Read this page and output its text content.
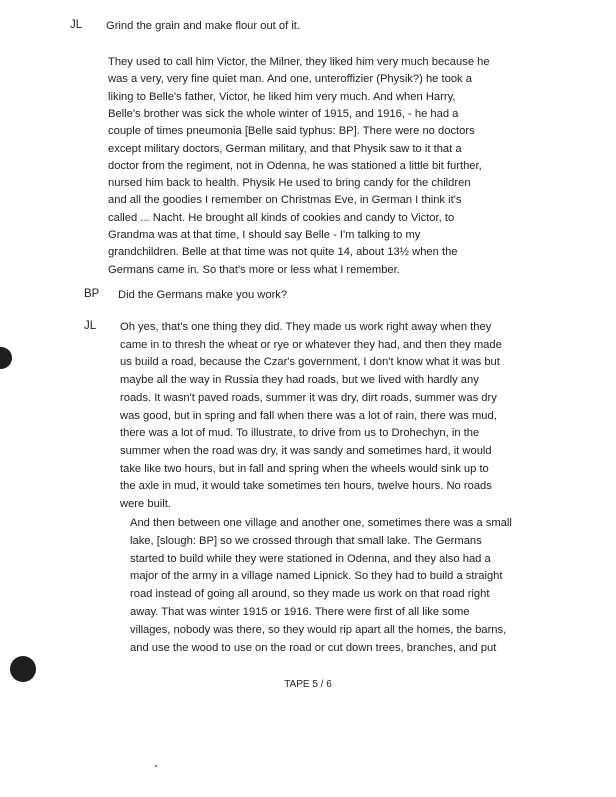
JL Grind the grain and make flour out of it.
They used to call him Victor, the Milner, they liked him very much because he
was a very, very fine quiet man. And one, unteroffizier (Physik?) he took a
liking to Belle's father, Victor, he liked him very much. And when Harry,
Belle's brother was sick the whole winter of 1915, and 1916, - he had a
couple of times pneumonia [Belle said typhus: BP]. There were no doctors
except military doctors, German military, and that Physik saw to it that a
doctor from the regiment, not in Odenna, he was stationed a little bit further,
nursed him back to health. Physik He used to bring candy for the children
and all the goodies I remember on Christmas Eve, in German I think it's
called ... Nacht. He brought all kinds of cookies and candy to Victor, to
Grandma was at that time, I should say Belle - I'm talking to my
grandchildren. Belle at that time was not quite 14, about 13½ when the
Germans came in. So that's more or less what I remember.
BP Did the Germans make you work?
JL Oh yes, that's one thing they did. They made us work right away when they
came in to thresh the wheat or rye or whatever they had, and then they made
us build a road, because the Czar's government, I don't know what it was but
maybe all the way in Russia they had roads, but we lived with hardly any
roads. It wasn't paved roads, summer it was dry, dirt roads, summer was dry
was good, but in spring and fall when there was a lot of rain, there was mud,
there was a lot of mud. To illustrate, to drive from us to Drohechyn, in the
summer when the road was dry, it was sandy and sometimes hard, it would
take like two hours, but in fall and spring when the wheels would sink up to
the axle in mud, it would take sometimes ten hours, twelve hours. No roads
were built.
And then between one village and another one, sometimes there was a small
lake, [slough: BP] so we crossed through that small lake. The Germans
started to build while they were stationed in Odenna, and they also had a
major of the army in a village named Lipnick. So they had to build a straight
road instead of going all around, so they made us work on that road right
away. That was winter 1915 or 1916. There were first of all like some
villages, nobody was there, so they would rip apart all the homes, the barns,
and use the wood to use on the road or cut down trees, branches, and put
TAPE 5 / 6
